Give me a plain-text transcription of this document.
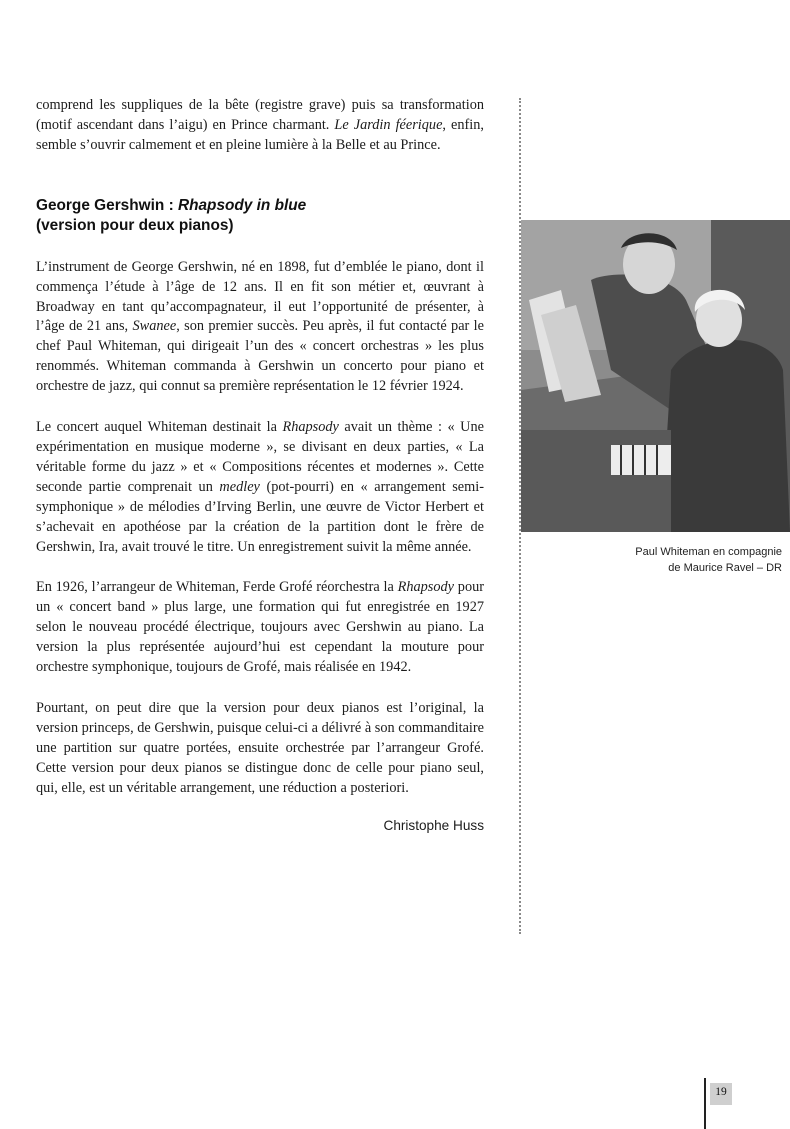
comprend les suppliques de la bête (registre grave) puis sa transformation (motif ascendant dans l’aigu) en Prince charmant. Le Jardin féerique, enfin, semble s’ouvrir calmement et en pleine lumière à la Belle et au Prince.

George Gershwin : Rhapsody in blue
(version pour deux pianos)

L’instrument de George Gershwin, né en 1898, fut d’emblée le piano, dont il commença l’étude à l’âge de 12 ans. Il en fit son métier et, œuvrant à Broadway en tant qu’accompagnateur, il eut l’opportunité de présenter, à l’âge de 21 ans, Swanee, son premier succès. Peu après, il fut contacté par le chef Paul Whiteman, qui dirigeait l’un des « concert orchestras » les plus renommés. Whiteman commanda à Gershwin un concerto pour piano et orchestre de jazz, qui connut sa première représentation le 12 février 1924.

Le concert auquel Whiteman destinait la Rhapsody avait un thème : « Une expérimentation en musique moderne », se divisant en deux parties, « La véritable forme du jazz » et « Compositions récentes et modernes ». Cette seconde partie comprenait un medley (pot-pourri) en « arrangement semi-symphonique » de mélodies d’Irving Berlin, une œuvre de Victor Herbert et s’achevait en apothéose par la création de la partition dont le frère de Gershwin, Ira, avait trouvé le titre. Un enregistrement suivit la même année.

En 1926, l’arrangeur de Whiteman, Ferde Grofé réorchestra la Rhapsody pour un « concert band » plus large, une formation qui fut enregistrée en 1927 selon le nouveau procédé électrique, toujours avec Gershwin au piano. La version la plus représentée aujourd’hui est cependant la mouture pour orchestre symphonique, toujours de Grofé, mais réalisée en 1942.

Pourtant, on peut dire que la version pour deux pianos est l’original, la version princeps, de Gershwin, puisque celui-ci a délivré à son commanditaire une partition sur quatre portées, ensuite orchestrée par l’arrangeur Grofé. Cette version pour deux pianos se distingue donc de celle pour piano seul, qui, elle, est un véritable arrangement, une réduction a posteriori.

Christophe Huss

Paul Whiteman en compagnie
de Maurice Ravel – DR
19
